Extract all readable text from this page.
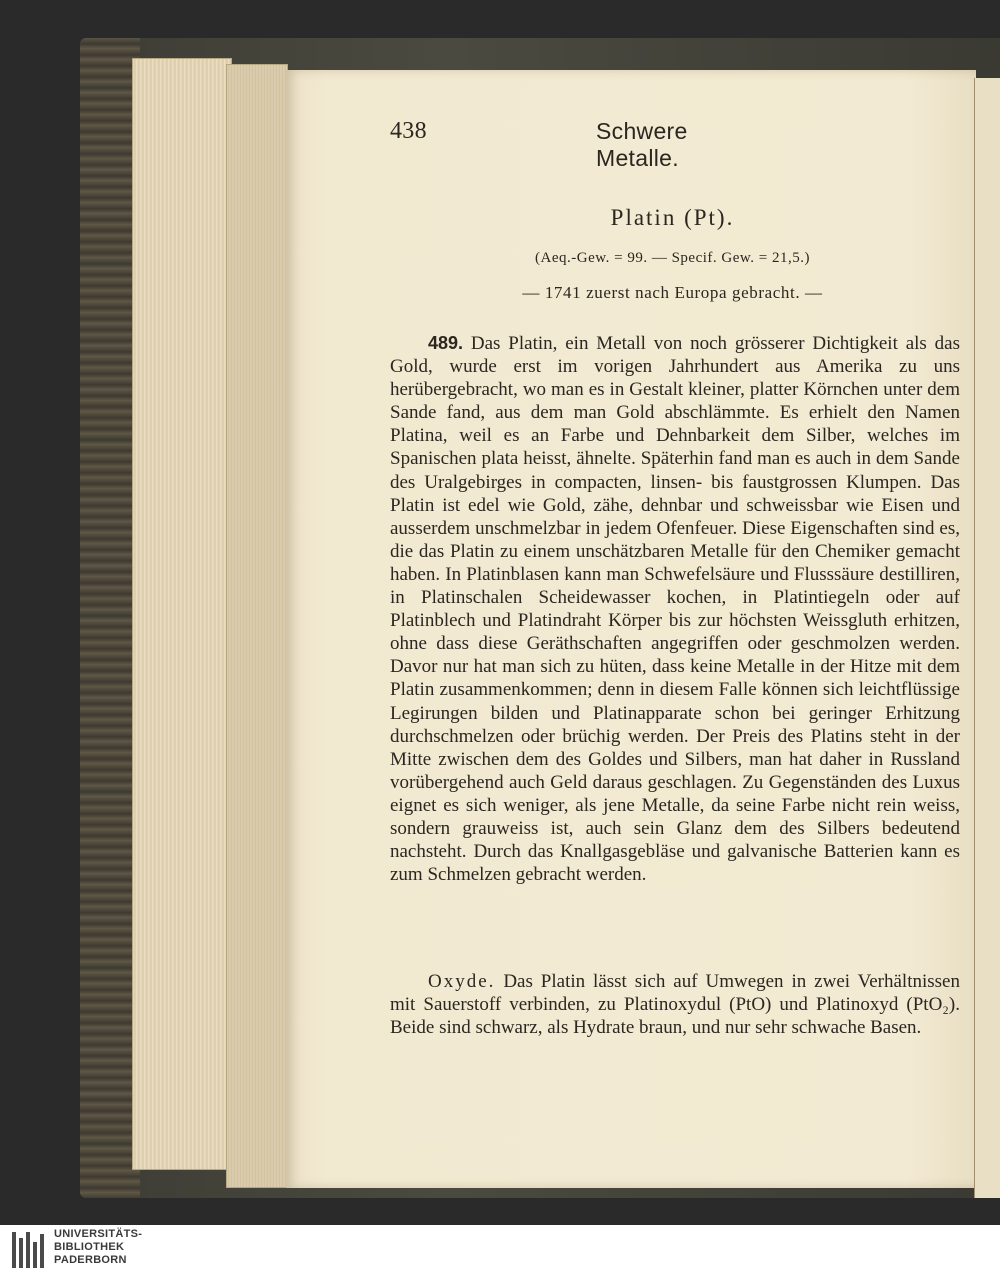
438	Schwere Metalle.
Platin (Pt).
(Aeq.-Gew. = 99. — Specif. Gew. = 21,5.)
— 1741 zuerst nach Europa gebracht. —
489. Das Platin, ein Metall von noch grösserer Dichtigkeit als das Gold, wurde erst im vorigen Jahrhundert aus Amerika zu uns herübergebracht, wo man es in Gestalt kleiner, platter Körnchen unter dem Sande fand, aus dem man Gold abschlämmte. Es erhielt den Namen Platina, weil es an Farbe und Dehnbarkeit dem Silber, welches im Spanischen plata heisst, ähnelte. Späterhin fand man es auch in dem Sande des Uralgebirges in compacten, linsen- bis faustgrossen Klumpen. Das Platin ist edel wie Gold, zähe, dehnbar und schweissbar wie Eisen und ausserdem unschmelzbar in jedem Ofenfeuer. Diese Eigenschaften sind es, die das Platin zu einem unschätzbaren Metalle für den Chemiker gemacht haben. In Platinblasen kann man Schwefelsäure und Flusssäure destilliren, in Platinschalen Scheidewasser kochen, in Platintiegeln oder auf Platinblech und Platindraht Körper bis zur höchsten Weissgluth erhitzen, ohne dass diese Geräthschaften angegriffen oder geschmolzen werden. Davor nur hat man sich zu hüten, dass keine Metalle in der Hitze mit dem Platin zusammenkommen; denn in diesem Falle können sich leichtflüssige Legirungen bilden und Platinapparate schon bei geringer Erhitzung durchschmelzen oder brüchig werden. Der Preis des Platins steht in der Mitte zwischen dem des Goldes und Silbers, man hat daher in Russland vorübergehend auch Geld daraus geschlagen. Zu Gegenständen des Luxus eignet es sich weniger, als jene Metalle, da seine Farbe nicht rein weiss, sondern grauweiss ist, auch sein Glanz dem des Silbers bedeutend nachsteht. Durch das Knallgasgebläse und galvanische Batterien kann es zum Schmelzen gebracht werden.
Oxyde. Das Platin lässt sich auf Umwegen in zwei Verhältnissen mit Sauerstoff verbinden, zu Platinoxydul (PtO) und Platinoxyd (PtO₂). Beide sind schwarz, als Hydrate braun, und nur sehr schwache Basen.
UNIVERSITÄTS-
BIBLIOTHEK
PADERBORN
